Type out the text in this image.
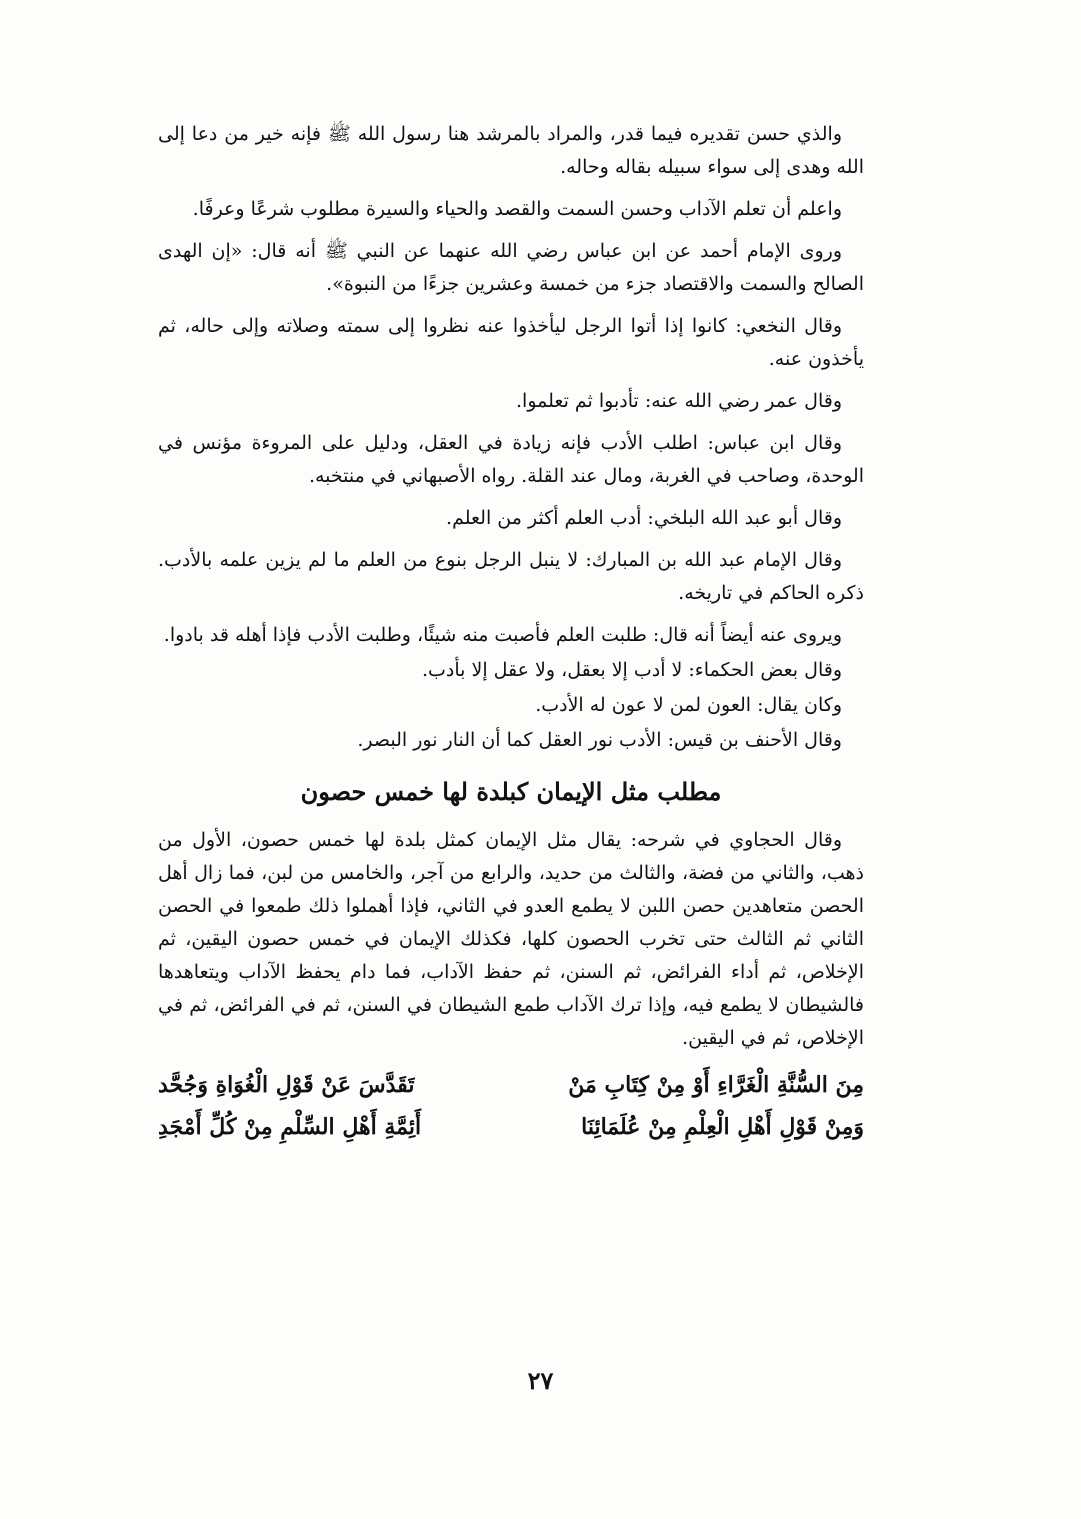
والذي حسن تقديره فيما قدر، والمراد بالمرشد هنا رسول الله ﷺ فإنه خير من دعا إلى الله وهدى إلى سواء سبيله بقاله وحاله.

واعلم أن تعلم الآداب وحسن السمت والقصد والحياء والسيرة مطلوب شرعًا وعرفًا.

وروى الإمام أحمد عن ابن عباس رضي الله عنهما عن النبي ﷺ أنه قال: «إن الهدى الصالح والسمت والاقتصاد جزء من خمسة وعشرين جزءًا من النبوة».

وقال النخعي: كانوا إذا أتوا الرجل ليأخذوا عنه نظروا إلى سمته وصلاته وإلى حاله، ثم يأخذون عنه.

وقال عمر رضي الله عنه: تأدبوا ثم تعلموا.

وقال ابن عباس: اطلب الأدب فإنه زيادة في العقل، ودليل على المروءة مؤنس في الوحدة، وصاحب في الغربة، ومال عند القلة. رواه الأصبهاني في منتخبه.

وقال أبو عبد الله البلخي: أدب العلم أكثر من العلم.

وقال الإمام عبد الله بن المبارك: لا ينبل الرجل بنوع من العلم ما لم يزين علمه بالأدب. ذكره الحاكم في تاريخه.

ويروى عنه أيضاً أنه قال: طلبت العلم فأصبت منه شيئًا، وطلبت الأدب فإذا أهله قد بادوا.

وقال بعض الحكماء: لا أدب إلا بعقل، ولا عقل إلا بأدب.

وكان يقال: العون لمن لا عون له الأدب.

وقال الأحنف بن قيس: الأدب نور العقل كما أن النار نور البصر.

مطلب مثل الإيمان كبلدة لها خمس حصون

وقال الحجاوي في شرحه: يقال مثل الإيمان كمثل بلدة لها خمس حصون، الأول من ذهب، والثاني من فضة، والثالث من حديد، والرابع من آجر، والخامس من لبن، فما زال أهل الحصن متعاهدين حصن اللبن لا يطمع العدو في الثاني، فإذا أهملوا ذلك طمعوا في الحصن الثاني ثم الثالث حتى تخرب الحصون كلها، فكذلك الإيمان في خمس حصون اليقين، ثم الإخلاص، ثم أداء الفرائض، ثم السنن، ثم حفظ الآداب، فما دام يحفظ الآداب ويتعاهدها فالشيطان لا يطمع فيه، وإذا ترك الآداب طمع الشيطان في السنن، ثم في الفرائض، ثم في الإخلاص، ثم في اليقين.

مِنَ السُّنَّةِ الْغَرَّاءِ أَوْ مِنْ كِتَابِ مَنْ
تَقَدَّسَ عَنْ قَوْلِ الْغُوَاةِ وَجُحَّد
وَمِنْ قَوْلِ أَهْلِ الْعِلْمِ مِنْ عُلَمَائِنَا
أَئِمَّةِ أَهْلِ السِّلْمِ مِنْ كُلِّ أَمْجَدِ
٢٧
